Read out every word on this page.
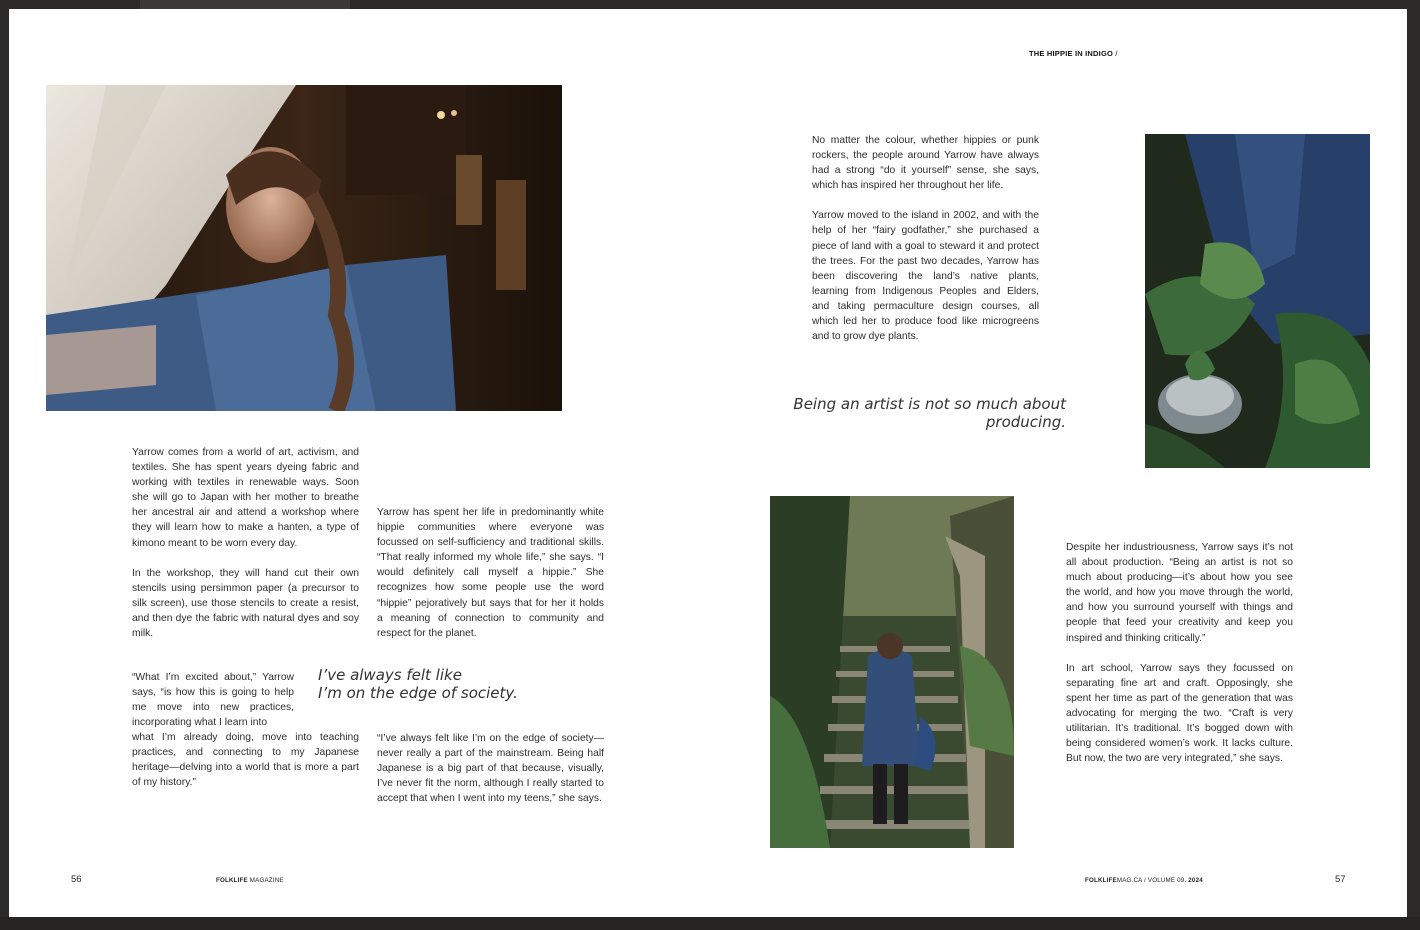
Yarrow comes from a world of art, activism, and textiles. She has spent years dyeing fabric and working with textiles in renewable ways. Soon she will go to Japan with her mother to breathe her ancestral air and attend a workshop where they will learn how to make a hanten, a type of kimono meant to be worn every day.

In the workshop, they will hand cut their own stencils using persimmon paper (a precursor to silk screen), use those stencils to create a resist, and then dye the fabric with natural dyes and soy milk.

“What I’m excited about,” Yarrow says, “is how this is going to help me move into new practices, incorporating what I learn into

what I’m already doing, move into teaching practices, and connecting to my Japanese heritage—delving into a world that is more a part of my history.”

Yarrow has spent her life in predominantly white hippie communities where everyone was focussed on self-sufficiency and traditional skills. “That really informed my whole life,” she says. “I would definitely call myself a hippie.” She recognizes how some people use the word “hippie” pejoratively but says that for her it holds a meaning of connection to community and respect for the planet.

“I’ve always felt like I’m on the edge of society—never really a part of the mainstream. Being half Japanese is a big part of that because, visually, I’ve never fit the norm, although I really started to accept that when I went into my teens,” she says.

I’ve always felt like
I’m on the edge of society.
56	FOLKLIFE MAGAZINE
THE HIPPIE IN INDIGO /

No matter the colour, whether hippies or punk rockers, the people around Yarrow have always had a strong “do it yourself” sense, she says, which has inspired her throughout her life.

Yarrow moved to the island in 2002, and with the help of her “fairy godfather,” she purchased a piece of land with a goal to steward it and protect the trees. For the past two decades, Yarrow has been discovering the land’s native plants, learning from Indigenous Peoples and Elders, and taking permaculture design courses, all which led her to produce food like microgreens and to grow dye plants.

Being an artist is not so much about
producing.

Despite her industriousness, Yarrow says it’s not all about production. “Being an artist is not so much about producing—it’s about how you see the world, and how you move through the world, and how you surround yourself with things and people that feed your creativity and keep you inspired and thinking critically.”

In art school, Yarrow says they focussed on separating fine art and craft. Opposingly, she spent her time as part of the generation that was advocating for merging the two. “Craft is very utilitarian. It’s traditional. It’s bogged down with being considered women’s work. It lacks culture. But now, the two are very integrated,” she says.

FOLKLIFEMAG.CA / VOLUME 09. 2024	57
